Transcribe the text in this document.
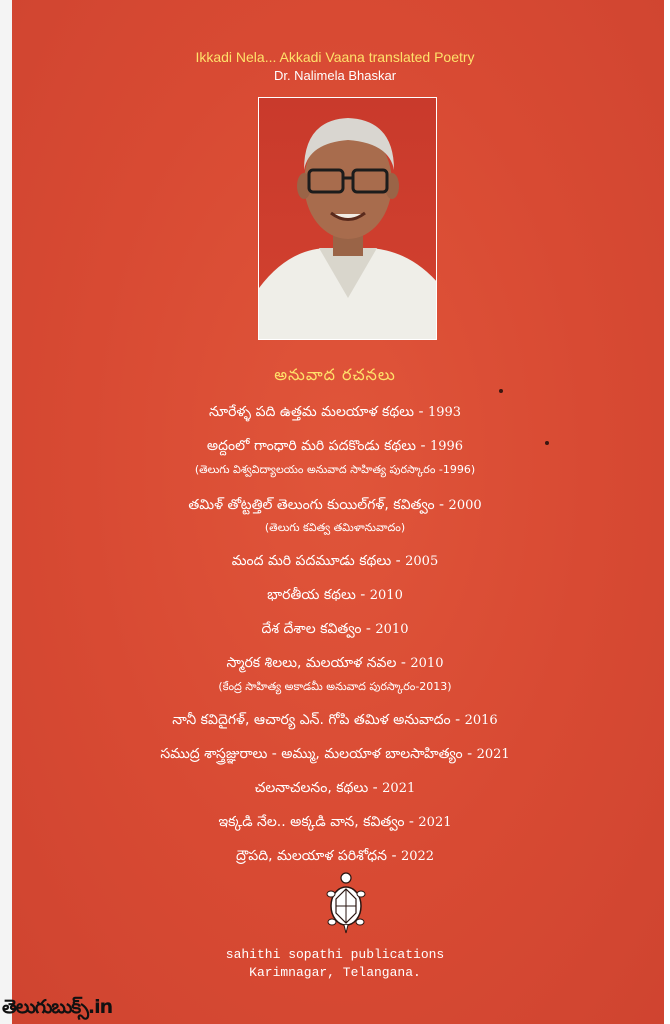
Ikkadi Nela... Akkadi Vaana translated Poetry
Dr. Nalimela Bhaskar
అనువాద రచనలు
నూరేళ్ళ పది ఉత్తమ మలయాళ కథలు - 1993
అద్దంలో గాంధారి మరి పదకొండు కథలు - 1996
(తెలుగు విశ్వవిద్యాలయం అనువాద సాహిత్య పురస్కారం -1996)
తమిళ్ తోట్టత్తిల్ తెలుంగు కుయిల్‌గళ్, కవిత్వం - 2000
(తెలుగు కవిత్వ తమిళానువాదం)
మంద మరి పదమూడు కథలు - 2005
భారతీయ కథలు - 2010
దేశ దేశాల కవిత్వం - 2010
స్మారక శిలలు, మలయాళ నవల - 2010
(కేంద్ర సాహిత్య అకాడమీ అనువాద పురస్కారం-2013)
నానీ కవిదైగళ్, ఆచార్య ఎన్. గోపి తమిళ అనువాదం - 2016
సముద్ర శాస్త్రజ్ఞురాలు - అమ్ము, మలయాళ బాలసాహిత్యం - 2021
చలనాచలనం, కథలు - 2021
ఇక్కడి నేల.. అక్కడి వాన, కవిత్వం - 2021
ద్రౌపది, మలయాళ పరిశోధన - 2022
sahithi sopathi publications
Karimnagar, Telangana.
తెలుగుబుక్స్.in
